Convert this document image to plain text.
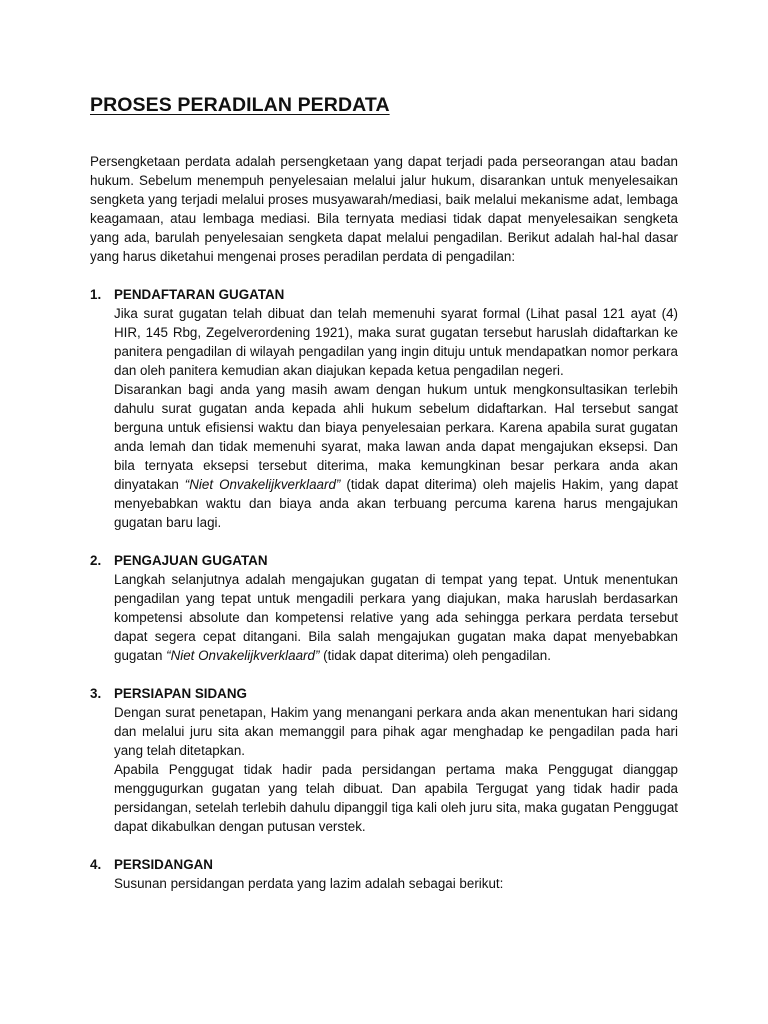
PROSES PERADILAN PERDATA

Persengketaan perdata adalah persengketaan yang dapat terjadi pada perseorangan atau badan hukum. Sebelum menempuh penyelesaian melalui jalur hukum, disarankan untuk menyelesaikan sengketa yang terjadi melalui proses musyawarah/mediasi, baik melalui mekanisme adat, lembaga keagamaan, atau lembaga mediasi. Bila ternyata mediasi tidak dapat menyelesaikan sengketa yang ada, barulah penyelesaian sengketa dapat melalui pengadilan. Berikut adalah hal-hal dasar yang harus diketahui mengenai proses peradilan perdata di pengadilan:

1. PENDAFTARAN GUGATAN

Jika surat gugatan telah dibuat dan telah memenuhi syarat formal (Lihat pasal 121 ayat (4) HIR, 145 Rbg, Zegelverordening 1921), maka surat gugatan tersebut haruslah didaftarkan ke panitera pengadilan di wilayah pengadilan yang ingin dituju untuk mendapatkan nomor perkara dan oleh panitera kemudian akan diajukan kepada ketua pengadilan negeri.

Disarankan bagi anda yang masih awam dengan hukum untuk mengkonsultasikan terlebih dahulu surat gugatan anda kepada ahli hukum sebelum didaftarkan. Hal tersebut sangat berguna untuk efisiensi waktu dan biaya penyelesaian perkara. Karena apabila surat gugatan anda lemah dan tidak memenuhi syarat, maka lawan anda dapat mengajukan eksepsi. Dan bila ternyata eksepsi tersebut diterima, maka kemungkinan besar perkara anda akan dinyatakan “Niet Onvakelijkverklaard” (tidak dapat diterima) oleh majelis Hakim, yang dapat menyebabkan waktu dan biaya anda akan terbuang percuma karena harus mengajukan gugatan baru lagi.

2. PENGAJUAN GUGATAN

Langkah selanjutnya adalah mengajukan gugatan di tempat yang tepat. Untuk menentukan pengadilan yang tepat untuk mengadili perkara yang diajukan, maka haruslah berdasarkan kompetensi absolute dan kompetensi relative yang ada sehingga perkara perdata tersebut dapat segera cepat ditangani. Bila salah mengajukan gugatan maka dapat menyebabkan gugatan “Niet Onvakelijkverklaard” (tidak dapat diterima) oleh pengadilan.

3. PERSIAPAN SIDANG

Dengan surat penetapan, Hakim yang menangani perkara anda akan menentukan hari sidang dan melalui juru sita akan memanggil para pihak agar menghadap ke pengadilan pada hari yang telah ditetapkan.

Apabila Penggugat tidak hadir pada persidangan pertama maka Penggugat dianggap menggugurkan gugatan yang telah dibuat. Dan apabila Tergugat yang tidak hadir pada persidangan, setelah terlebih dahulu dipanggil tiga kali oleh juru sita, maka gugatan Penggugat dapat dikabulkan dengan putusan verstek.

4. PERSIDANGAN

Susunan persidangan perdata yang lazim adalah sebagai berikut:
